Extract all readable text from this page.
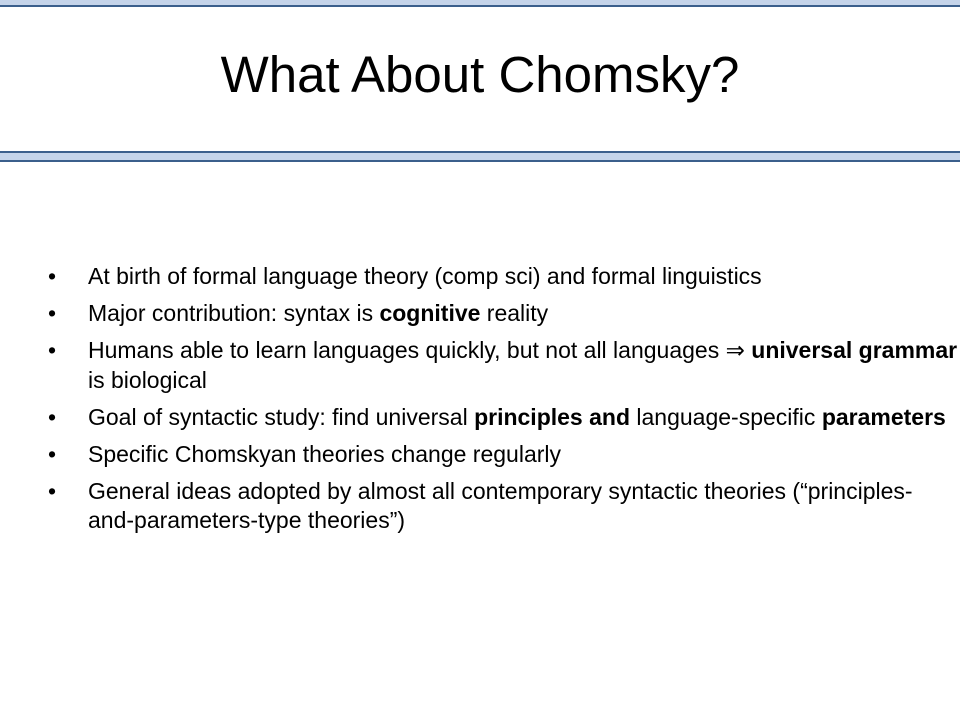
What About Chomsky?
•	At birth of formal language theory (comp sci) and formal linguistics
•	Major contribution: syntax is cognitive reality
•	Humans able to learn languages quickly, but not all languages ⇒ universal grammar is biological
•	Goal of syntactic study: find universal principles and language-specific parameters
•	Specific Chomskyan theories change regularly
•	General ideas adopted by almost all contemporary syntactic theories (“principles-and-parameters-type theories”)
